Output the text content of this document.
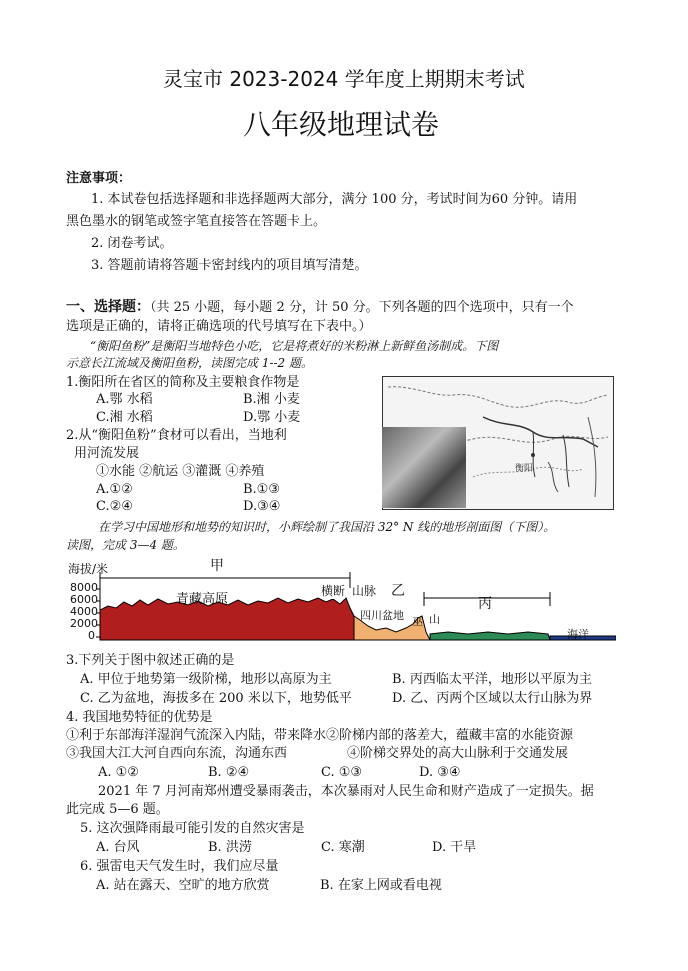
灵宝市 2023-2024 学年度上期期末考试
八年级地理试卷
注意事项：
1. 本试卷包括选择题和非选择题两大部分，满分 100 分，考试时间为60 分钟。请用
黑色墨水的钢笔或签字笔直接答在答题卡上。
2. 闭卷考试。
3. 答题前请将答题卡密封线内的项目填写清楚。
一、选择题：（共 25 小题，每小题 2 分，计 50 分。下列各题的四个选项中，只有一个
选项是正确的，请将正确选项的代号填写在下表中。）
“衡阳鱼粉”是衡阳当地特色小吃，它是将煮好的米粉淋上新鲜鱼汤制成。下图
示意长江流域及衡阳鱼粉，读图完成 1--2 题。
1.衡阳所在省区的简称及主要粮食作物是
A.鄂 水稻	B.湘 小麦
C.湘 水稻	D.鄂 小麦
2.从“衡阳鱼粉”食材可以看出，当地利
用河流发展
①水能 ②航运 ③灌溉 ④养殖
A.①②	B.①③
C.②④	D.③④
衡阳
在学习中国地形和地势的知识时，小辉绘制了我国沿 32° N 线的地形剖面图（下图）。
读图，完成 3—4 题。
海拔/米	甲
乙
丙
8000
6000
4000
2000
0
青藏高原
横断 山脉
四川盆地 巫 山 长江中下游平原
海洋
3.下列关于图中叙述正确的是
A. 甲位于地势第一级阶梯，地形以高原为主	B. 丙西临太平洋，地形以平原为主
C. 乙为盆地，海拔多在 200 米以下，地势低平	D. 乙、丙两个区域以太行山脉为界
4. 我国地势特征的优势是
①利于东部海洋湿润气流深入内陆，带来降水②阶梯内部的落差大，蕴藏丰富的水能资源
③我国大江大河自西向东流，沟通东西	④阶梯交界处的高大山脉利于交通发展
A. ①②	B. ②④	C. ①③	D. ③④
2021 年 7 月河南郑州遭受暴雨袭击，本次暴雨对人民生命和财产造成了一定损失。据
此完成 5—6 题。
5. 这次强降雨最可能引发的自然灾害是
A. 台风	B. 洪涝	C. 寒潮	D. 干旱
6. 强雷电天气发生时，我们应尽量
A. 站在露天、空旷的地方欣赏	B. 在家上网或看电视
